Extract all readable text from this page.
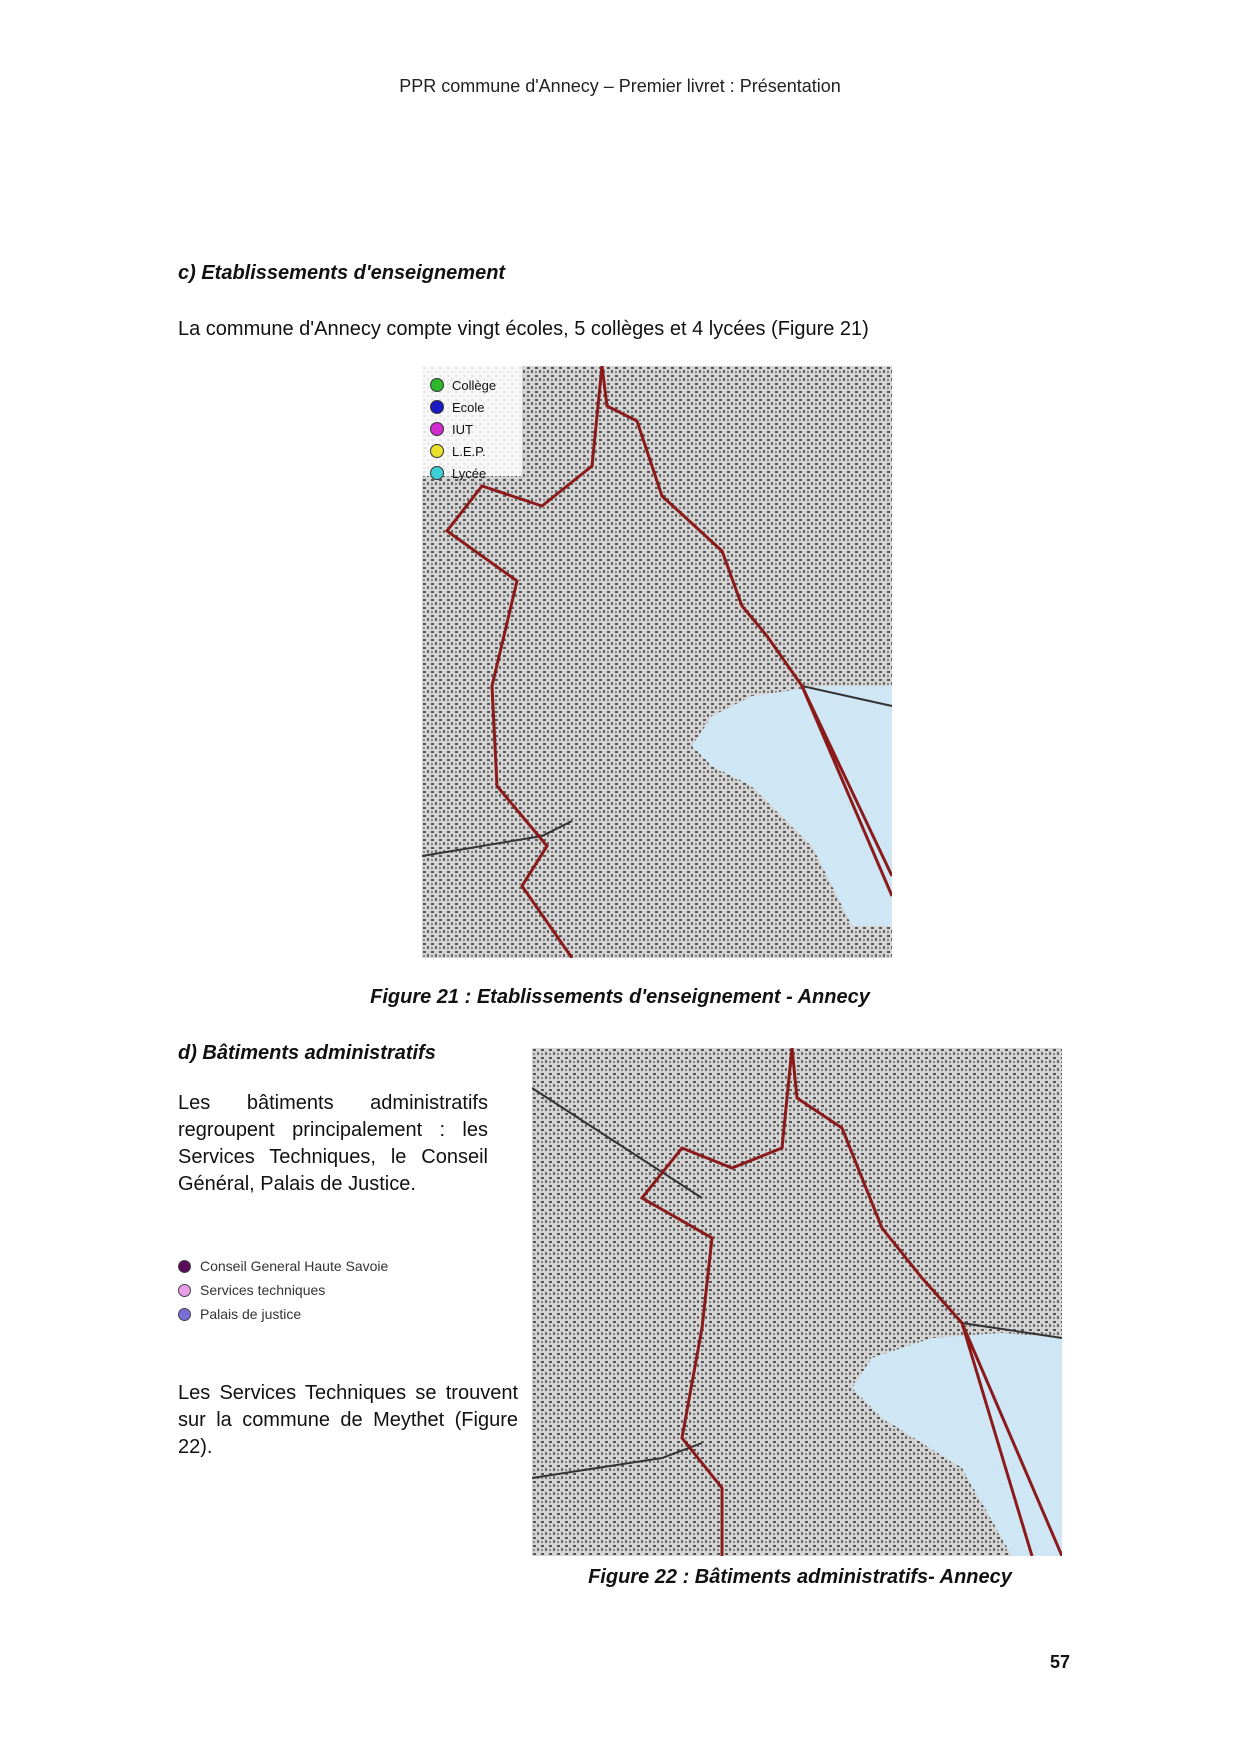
PPR commune d'Annecy – Premier livret : Présentation
c) Etablissements d'enseignement
La commune d'Annecy compte vingt écoles, 5 collèges et 4 lycées (Figure 21)
Collège
Ecole
IUT
L.E.P.
Lycée
Figure 21 : Etablissements d'enseignement - Annecy
d) Bâtiments administratifs
Les bâtiments administratifs regroupent principalement : les Services Techniques, le Conseil Général, Palais de Justice.
Conseil General Haute Savoie
Services techniques
Palais de justice
Les Services Techniques se trouvent sur la commune de Meythet (Figure 22).
Figure 22 : Bâtiments administratifs- Annecy
57
